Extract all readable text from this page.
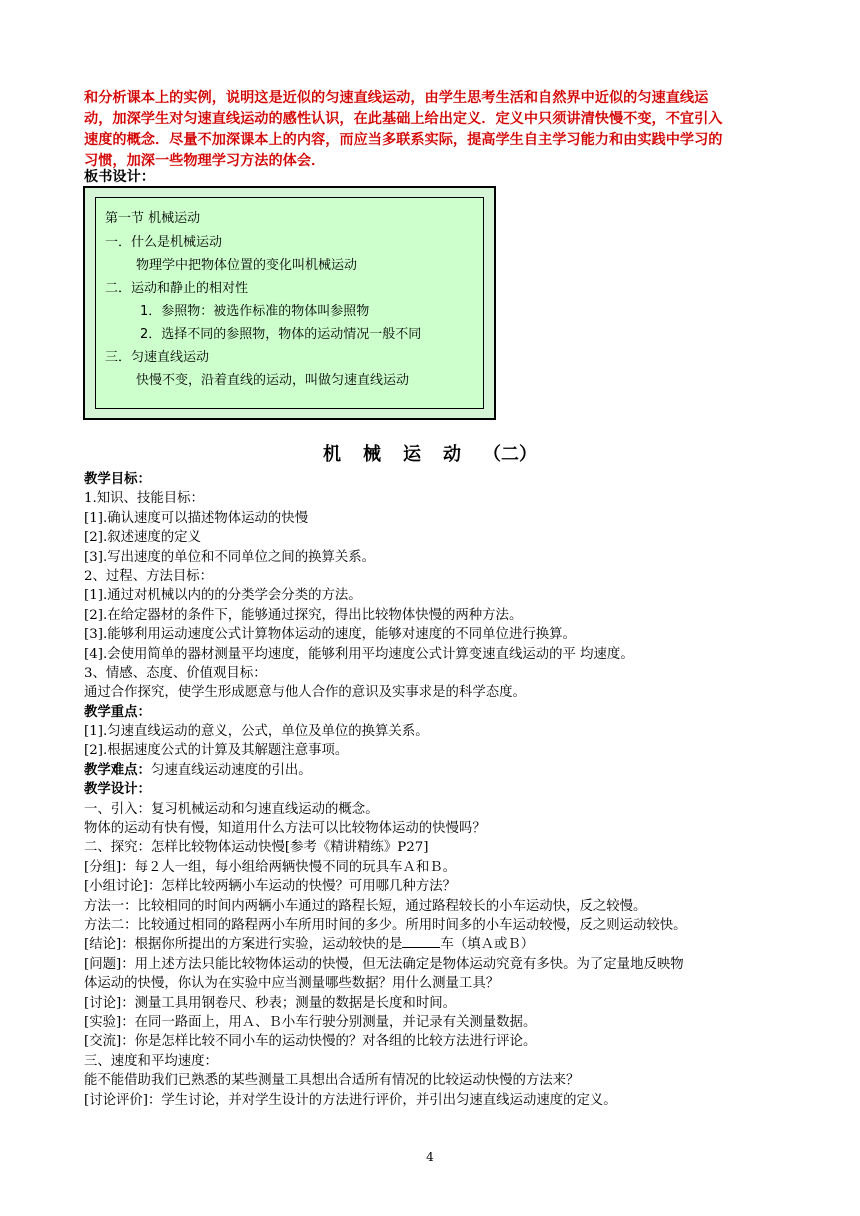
和分析课本上的实例，说明这是近似的匀速直线运动，由学生思考生活和自然界中近似的匀速直线运
动，加深学生对匀速直线运动的感性认识，在此基础上给出定义．定义中只须讲清快慢不变，不宜引入
速度的概念．尽量不加深课本上的内容，而应当多联系实际，提高学生自主学习能力和由实践中学习的
习惯，加深一些物理学习方法的体会．
板书设计：
第一节 机械运动
一．什么是机械运动
物理学中把物体位置的变化叫机械运动
二．运动和静止的相对性
1．参照物：被选作标准的物体叫参照物
2．选择不同的参照物，物体的运动情况一般不同
三．匀速直线运动
快慢不变，沿着直线的运动，叫做匀速直线运动
机械运动（二）
教学目标：
1.知识、技能目标：
[1].确认速度可以描述物体运动的快慢
[2].叙述速度的定义
[3].写出速度的单位和不同单位之间的换算关系。
2、过程、方法目标：
[1].通过对机械以内的的分类学会分类的方法。
[2].在给定器材的条件下，能够通过探究，得出比较物体快慢的两种方法。
[3].能够利用运动速度公式计算物体运动的速度，能够对速度的不同单位进行换算。
[4].会使用简单的器材测量平均速度，能够利用平均速度公式计算变速直线运动的平 均速度。
3、情感、态度、价值观目标：
通过合作探究，使学生形成愿意与他人合作的意识及实事求是的科学态度。
教学重点：
[1].匀速直线运动的意义，公式，单位及单位的换算关系。
[2].根据速度公式的计算及其解题注意事项。
教学难点：匀速直线运动速度的引出。
教学设计：
一、引入：复习机械运动和匀速直线运动的概念。
物体的运动有快有慢，知道用什么方法可以比较物体运动的快慢吗？
二、探究：怎样比较物体运动快慢[参考《精讲精练》P27]
[分组]：每２人一组，每小组给两辆快慢不同的玩具车Ａ和Ｂ。
[小组讨论]：怎样比较两辆小车运动的快慢？可用哪几种方法？
方法一：比较相同的时间内两辆小车通过的路程长短，通过路程较长的小车运动快，反之较慢。
方法二：比较通过相同的路程两小车所用时间的多少。所用时间多的小车运动较慢，反之则运动较快。
[结论]：根据你所提出的方案进行实验，运动较快的是	车（填Ａ或Ｂ）
[问题]：用上述方法只能比较物体运动的快慢，但无法确定是物体运动究竟有多快。为了定量地反映物
体运动的快慢，你认为在实验中应当测量哪些数据？用什么测量工具？
[讨论]：测量工具用钢卷尺、秒表；测量的数据是长度和时间。
[实验]：在同一路面上，用Ａ、Ｂ小车行驶分别测量，并记录有关测量数据。
[交流]：你是怎样比较不同小车的运动快慢的？对各组的比较方法进行评论。
三、速度和平均速度：
能不能借助我们已熟悉的某些测量工具想出合适所有情况的比较运动快慢的方法来？
[讨论评价]：学生讨论，并对学生设计的方法进行评价，并引出匀速直线运动速度的定义。
4
